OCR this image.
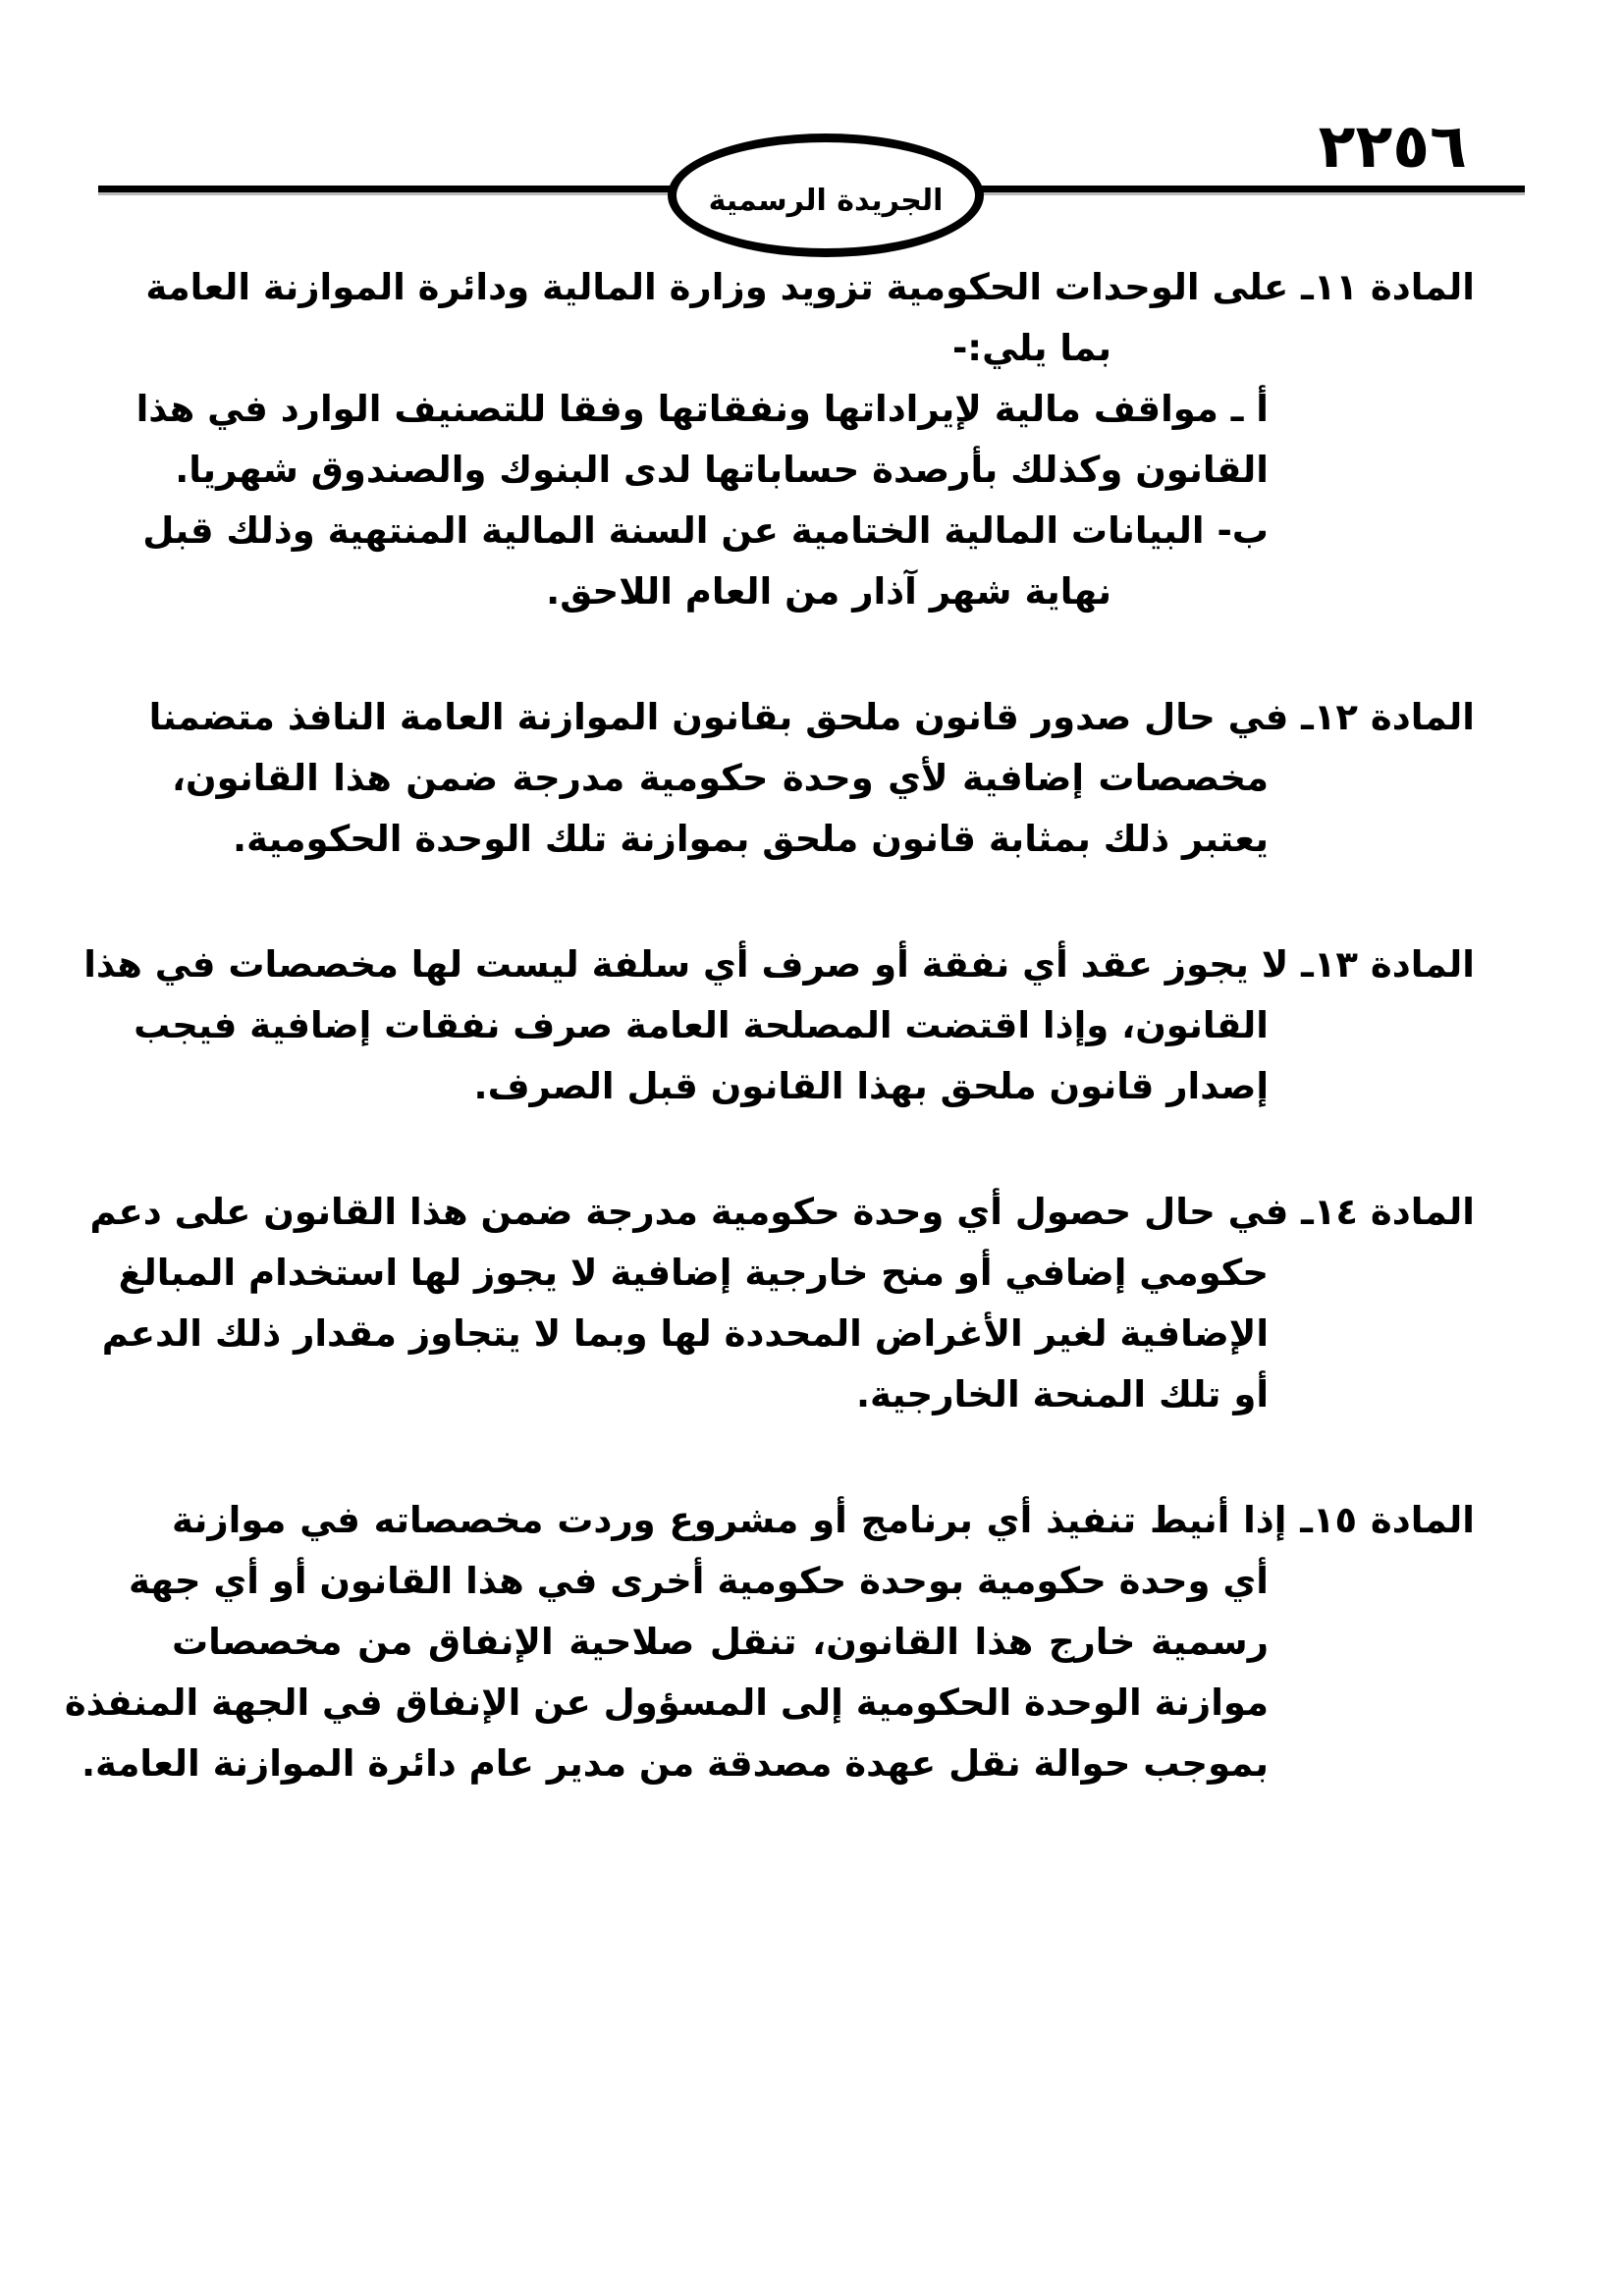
٢٢٥٦
الجريدة الرسمية
المادة ١١ـ على الوحدات الحكومية تزويد وزارة المالية ودائرة الموازنة العامة
بما يلي:-
أ ـ مواقف مالية لإيراداتها ونفقاتها وفقا للتصنيف الوارد في هذا
القانون وكذلك بأرصدة حساباتها لدى البنوك والصندوق شهريا.
ب- البيانات المالية الختامية عن السنة المالية المنتهية وذلك قبل
نهاية شهر آذار من العام اللاحق.
المادة ١٢ـ في حال صدور قانون ملحق بقانون الموازنة العامة النافذ متضمنا
مخصصات إضافية لأي وحدة حكومية مدرجة ضمن هذا القانون،
يعتبر ذلك بمثابة قانون ملحق بموازنة تلك الوحدة الحكومية.
المادة ١٣ـ لا يجوز عقد أي نفقة أو صرف أي سلفة ليست لها مخصصات في هذا
القانون، وإذا اقتضت المصلحة العامة صرف نفقات إضافية فيجب
إصدار قانون ملحق بهذا القانون قبل الصرف.
المادة ١٤ـ في حال حصول أي وحدة حكومية مدرجة ضمن هذا القانون على دعم
حكومي إضافي أو منح خارجية إضافية لا يجوز لها استخدام المبالغ
الإضافية لغير الأغراض المحددة لها وبما لا يتجاوز مقدار ذلك الدعم
أو تلك المنحة الخارجية.
المادة ١٥ـ إذا أنيط تنفيذ أي برنامج أو مشروع وردت مخصصاته في موازنة
أي وحدة حكومية بوحدة حكومية أخرى في هذا القانون أو أي جهة
رسمية خارج هذا القانون، تنقل صلاحية الإنفاق من مخصصات
موازنة الوحدة الحكومية إلى المسؤول عن الإنفاق في الجهة المنفذة
بموجب حوالة نقل عهدة مصدقة من مدير عام دائرة الموازنة العامة.
